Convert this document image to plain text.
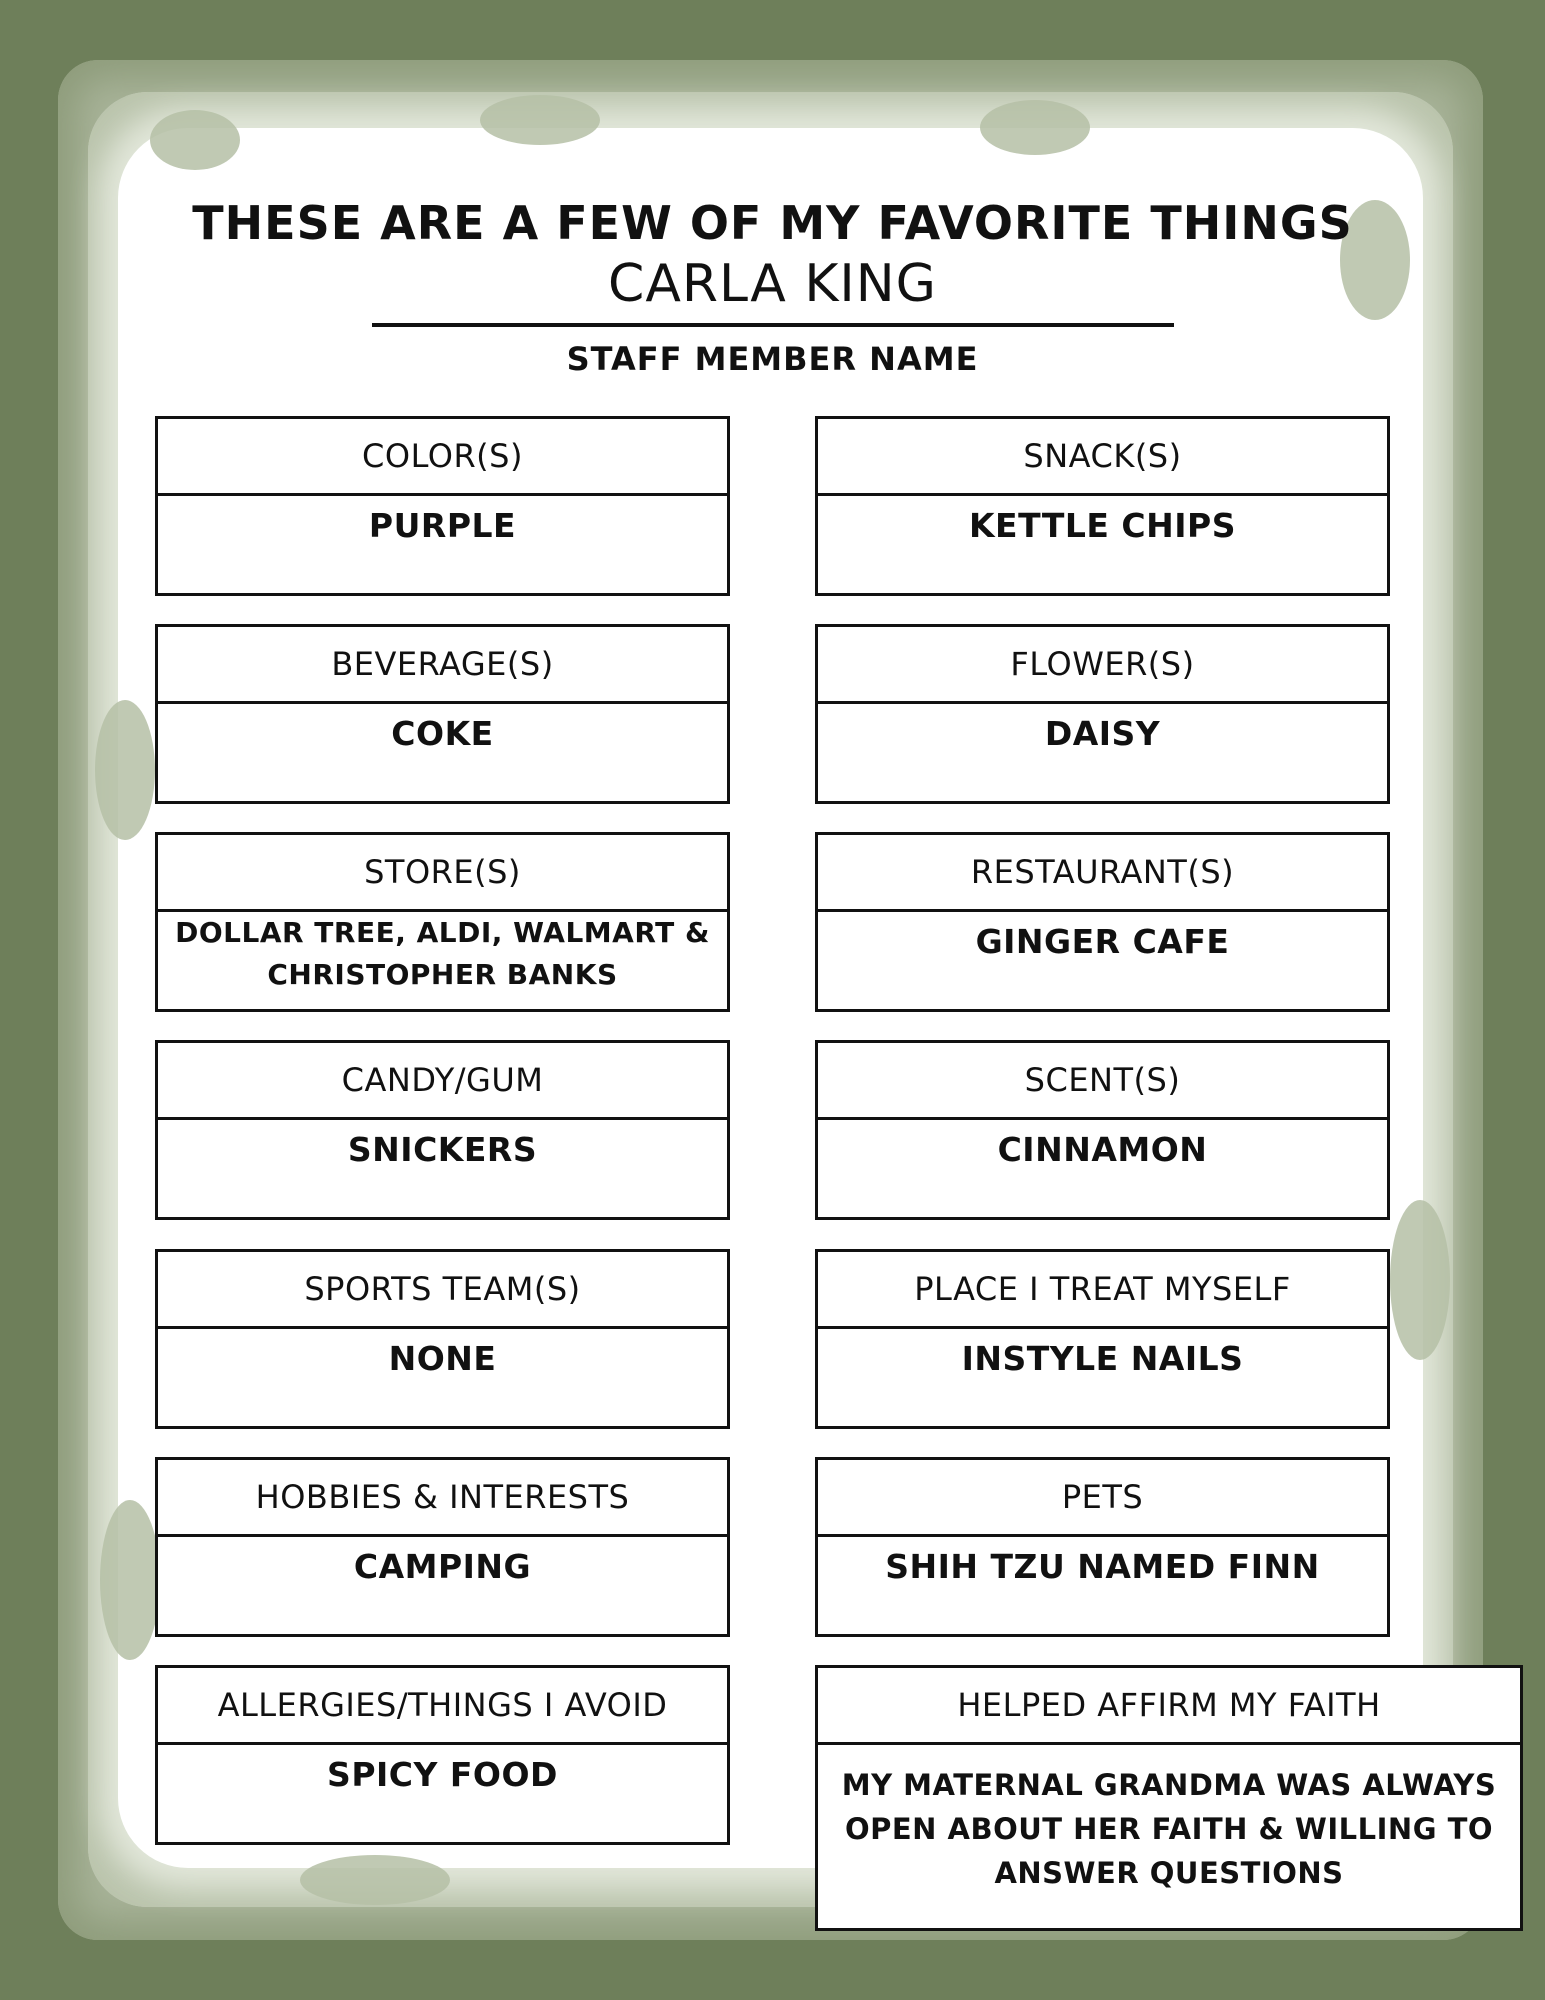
THESE ARE A FEW OF MY FAVORITE THINGS
CARLA KING
STAFF MEMBER NAME
COLOR(S)
PURPLE
SNACK(S)
KETTLE CHIPS
BEVERAGE(S)
COKE
FLOWER(S)
DAISY
STORE(S)
DOLLAR TREE, ALDI, WALMART & CHRISTOPHER BANKS
RESTAURANT(S)
GINGER CAFE
CANDY/GUM
SNICKERS
SCENT(S)
CINNAMON
SPORTS TEAM(S)
NONE
PLACE I TREAT MYSELF
INSTYLE NAILS
HOBBIES & INTERESTS
CAMPING
PETS
SHIH TZU NAMED FINN
ALLERGIES/THINGS I AVOID
SPICY FOOD
HELPED AFFIRM MY FAITH
MY MATERNAL GRANDMA WAS ALWAYS OPEN ABOUT HER FAITH & WILLING TO ANSWER QUESTIONS
